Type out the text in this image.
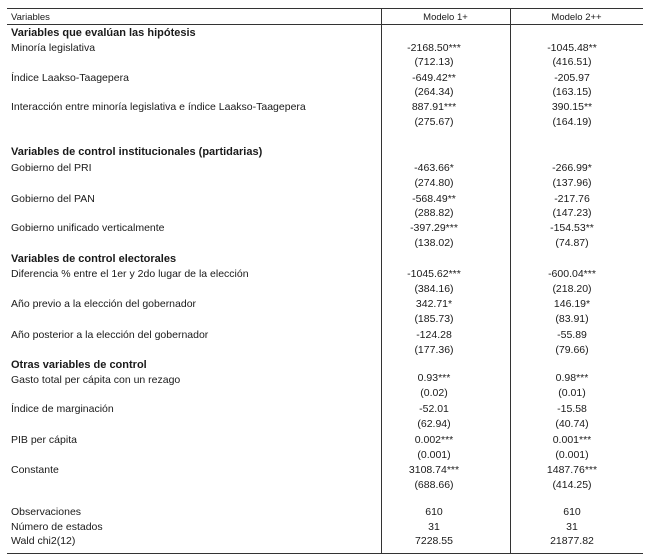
Variables	Modelo 1+	Modelo 2++
Variables que evalúan las hipótesis
Minoría legislativa	-2168.50***	-1045.48**
(712.13)	(416.51)
Índice Laakso-Taagepera	-649.42**	-205.97
(264.34)	(163.15)
Interacción entre minoría legislativa e índice Laakso-Taagepera	887.91***	390.15**
(275.67)	(164.19)
Variables de control institucionales (partidarias)
Gobierno del PRI	-463.66*	-266.99*
(274.80)	(137.96)
Gobierno del PAN	-568.49**	-217.76
(288.82)	(147.23)
Gobierno unificado verticalmente	-397.29***	-154.53**
(138.02)	(74.87)
Variables de control electorales
Diferencia % entre el 1er y 2do lugar de la elección	-1045.62***	-600.04***
(384.16)	(218.20)
Año previo a la elección del gobernador	342.71*	146.19*
(185.73)	(83.91)
Año posterior a la elección del gobernador	-124.28	-55.89
(177.36)	(79.66)
Otras variables de control
Gasto total per cápita con un rezago	0.93***	0.98***
(0.02)	(0.01)
Índice de marginación	-52.01	-15.58
(62.94)	(40.74)
PIB per cápita	0.002***	0.001***
(0.001)	(0.001)
Constante	3108.74***	1487.76***
(688.66)	(414.25)
Observaciones	610	610
Número de estados	31	31
Wald chi2(12)	7228.55	21877.82
